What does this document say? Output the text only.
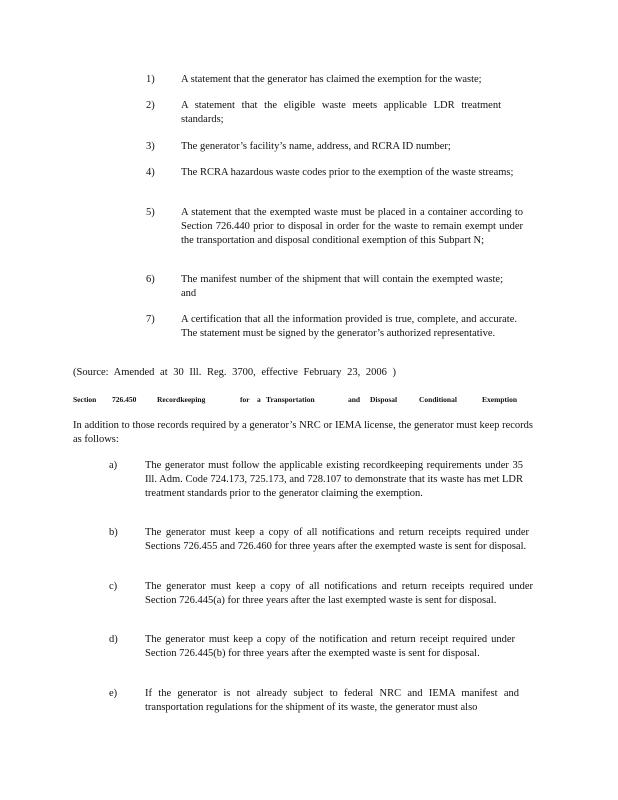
1)	A statement that the generator has claimed the exemption for the waste;
2)	A statement that the eligible waste meets applicable LDR treatment standards;
3)	The generator’s facility’s name, address, and RCRA ID number;
4)	The RCRA hazardous waste codes prior to the exemption of the waste streams;
5)	A statement that the exempted waste must be placed in a container according to Section 726.440 prior to disposal in order for the waste to remain exempt under the transportation and disposal conditional exemption of this Subpart N;
6)	The manifest number of the shipment that will contain the exempted waste; and
7)	A certification that all the information provided is true, complete, and accurate. The statement must be signed by the generator’s authorized representative.
(Source: Amended at 30 Ill. Reg. 3700, effective February 23, 2006 )
Section 726.450	Recordkeeping	for a Transportation	and Disposal	Conditional	Exemption
In addition to those records required by a generator’s NRC or IEMA license, the generator must keep records as follows:
a)	The generator must follow the applicable existing recordkeeping requirements under 35 Ill. Adm. Code 724.173, 725.173, and 728.107 to demonstrate that its waste has met LDR treatment standards prior to the generator claiming the exemption.
b)	The generator must keep a copy of all notifications and return receipts required under Sections 726.455 and 726.460 for three years after the exempted waste is sent for disposal.
c)	The generator must keep a copy of all notifications and return receipts required under Section 726.445(a) for three years after the last exempted waste is sent for disposal.
d)	The generator must keep a copy of the notification and return receipt required under Section 726.445(b) for three years after the exempted waste is sent for disposal.
e)	If the generator is not already subject to federal NRC and IEMA manifest and transportation regulations for the shipment of its waste, the generator must also
